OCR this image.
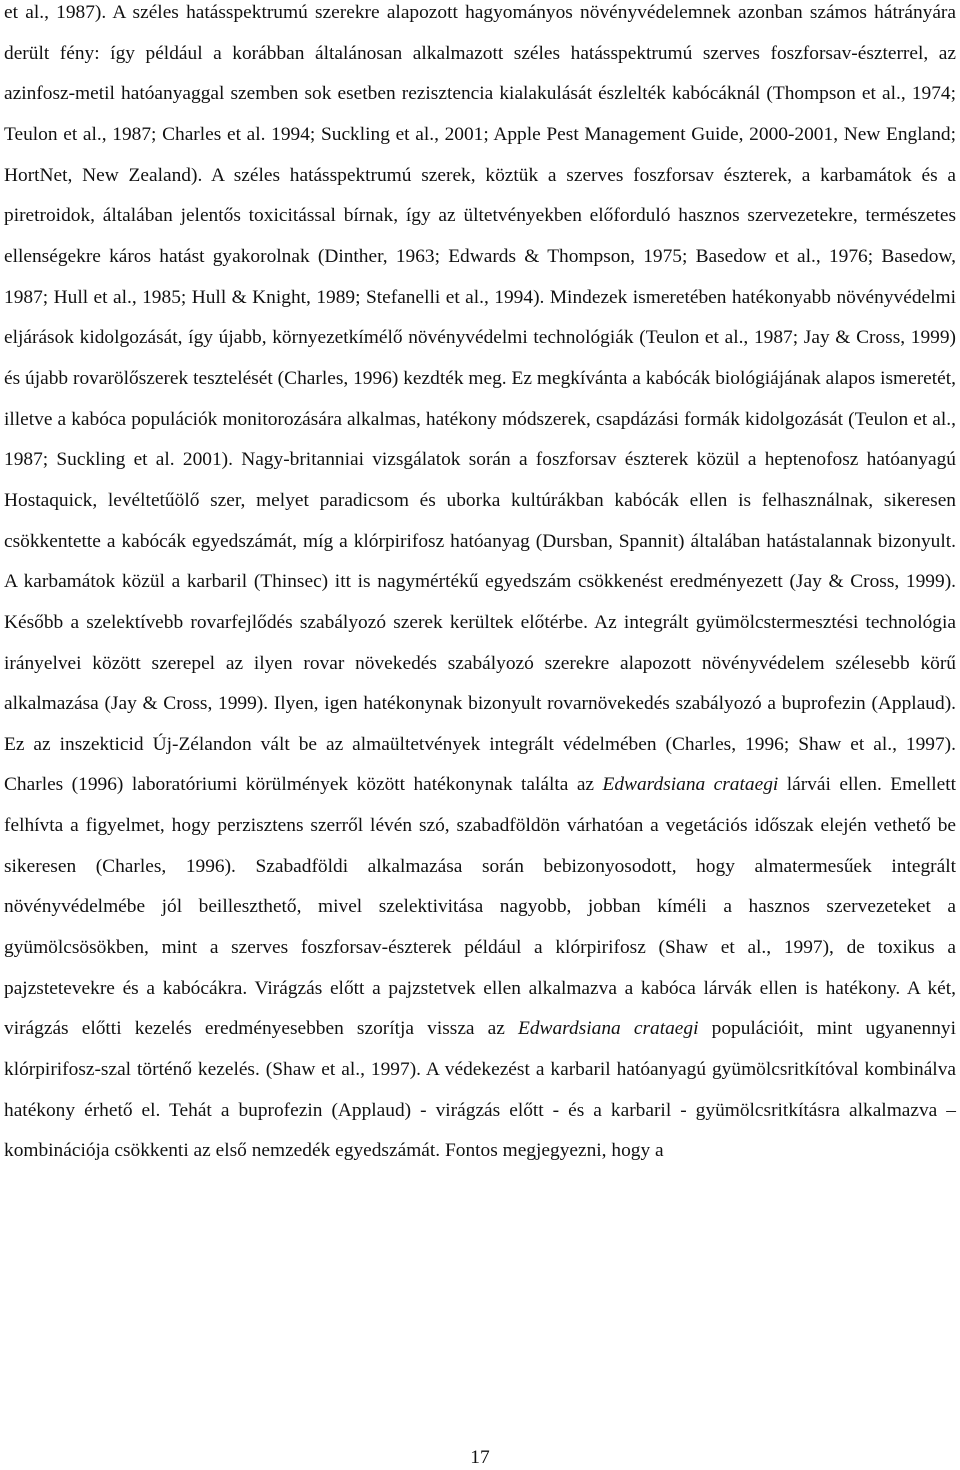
et al., 1987). A széles hatásspektrumú szerekre alapozott hagyományos növényvédelemnek azonban számos hátrányára derült fény: így például a korábban általánosan alkalmazott széles hatásspektrumú szerves foszforsav-észterrel, az azinfosz-metil hatóanyaggal szemben sok esetben rezisztencia kialakulását észlelték kabócáknál (Thompson et al., 1974; Teulon et al., 1987; Charles et al. 1994; Suckling et al., 2001; Apple Pest Management Guide, 2000-2001, New England; HortNet, New Zealand). A széles hatásspektrumú szerek, köztük a szerves foszforsav észterek, a karbamátok és a piretroidok, általában jelentős toxicitással bírnak, így az ültetvényekben előforduló hasznos szervezetekre, természetes ellenségekre káros hatást gyakorolnak (Dinther, 1963; Edwards & Thompson, 1975; Basedow et al., 1976; Basedow, 1987; Hull et al., 1985; Hull & Knight, 1989; Stefanelli et al., 1994). Mindezek ismeretében hatékonyabb növényvédelmi eljárások kidolgozását, így újabb, környezetkímélő növényvédelmi technológiák (Teulon et al., 1987; Jay & Cross, 1999) és újabb rovarölőszerek tesztelését (Charles, 1996) kezdték meg. Ez megkívánta a kabócák biológiájának alapos ismeretét, illetve a kabóca populációk monitorozására alkalmas, hatékony módszerek, csapdázási formák kidolgozását (Teulon et al., 1987; Suckling et al. 2001). Nagy-britanniai vizsgálatok során a foszforsav észterek közül a heptenofosz hatóanyagú Hostaquick, levéltetűölő szer, melyet paradicsom és uborka kultúrákban kabócák ellen is felhasználnak, sikeresen csökkentette a kabócák egyedszámát, míg a klórpirifosz hatóanyag (Dursban, Spannit) általában hatástalannak bizonyult. A karbamátok közül a karbaril (Thinsec) itt is nagymértékű egyedszám csökkenést eredményezett (Jay & Cross, 1999). Később a szelektívebb rovarfejlődés szabályozó szerek kerültek előtérbe. Az integrált gyümölcstermesztési technológia irányelvei között szerepel az ilyen rovar növekedés szabályozó szerekre alapozott növényvédelem szélesebb körű alkalmazása (Jay & Cross, 1999). Ilyen, igen hatékonynak bizonyult rovarnövekedés szabályozó a buprofezin (Applaud). Ez az inszekticid Új-Zélandon vált be az almaültetvények integrált védelmében (Charles, 1996; Shaw et al., 1997). Charles (1996) laboratóriumi körülmények között hatékonynak találta az Edwardsiana crataegi lárvái ellen. Emellett felhívta a figyelmet, hogy perzisztens szerről lévén szó, szabadföldön várhatóan a vegetációs időszak elején vethető be sikeresen (Charles, 1996). Szabadföldi alkalmazása során bebizonyosodott, hogy almatermesűek integrált növényvédelmébe jól beilleszthető, mivel szelektivitása nagyobb, jobban kíméli a hasznos szervezeteket a gyümölcsösökben, mint a szerves foszforsav-észterek például a klórpirifosz (Shaw et al., 1997), de toxikus a pajzstetevekre és a kabócákra. Virágzás előtt a pajzstetvek ellen alkalmazva a kabóca lárvák ellen is hatékony. A két, virágzás előtti kezelés eredményesebben szorítja vissza az Edwardsiana crataegi populációit, mint ugyanennyi klórpirifosz-szal történő kezelés. (Shaw et al., 1997). A védekezést a karbaril hatóanyagú gyümölcsritkítóval kombinálva hatékony érhető el. Tehát a buprofezin (Applaud) - virágzás előtt - és a karbaril - gyümölcsritkításra alkalmazva – kombinációja csökkenti az első nemzedék egyedszámát. Fontos megjegyezni, hogy a

17
